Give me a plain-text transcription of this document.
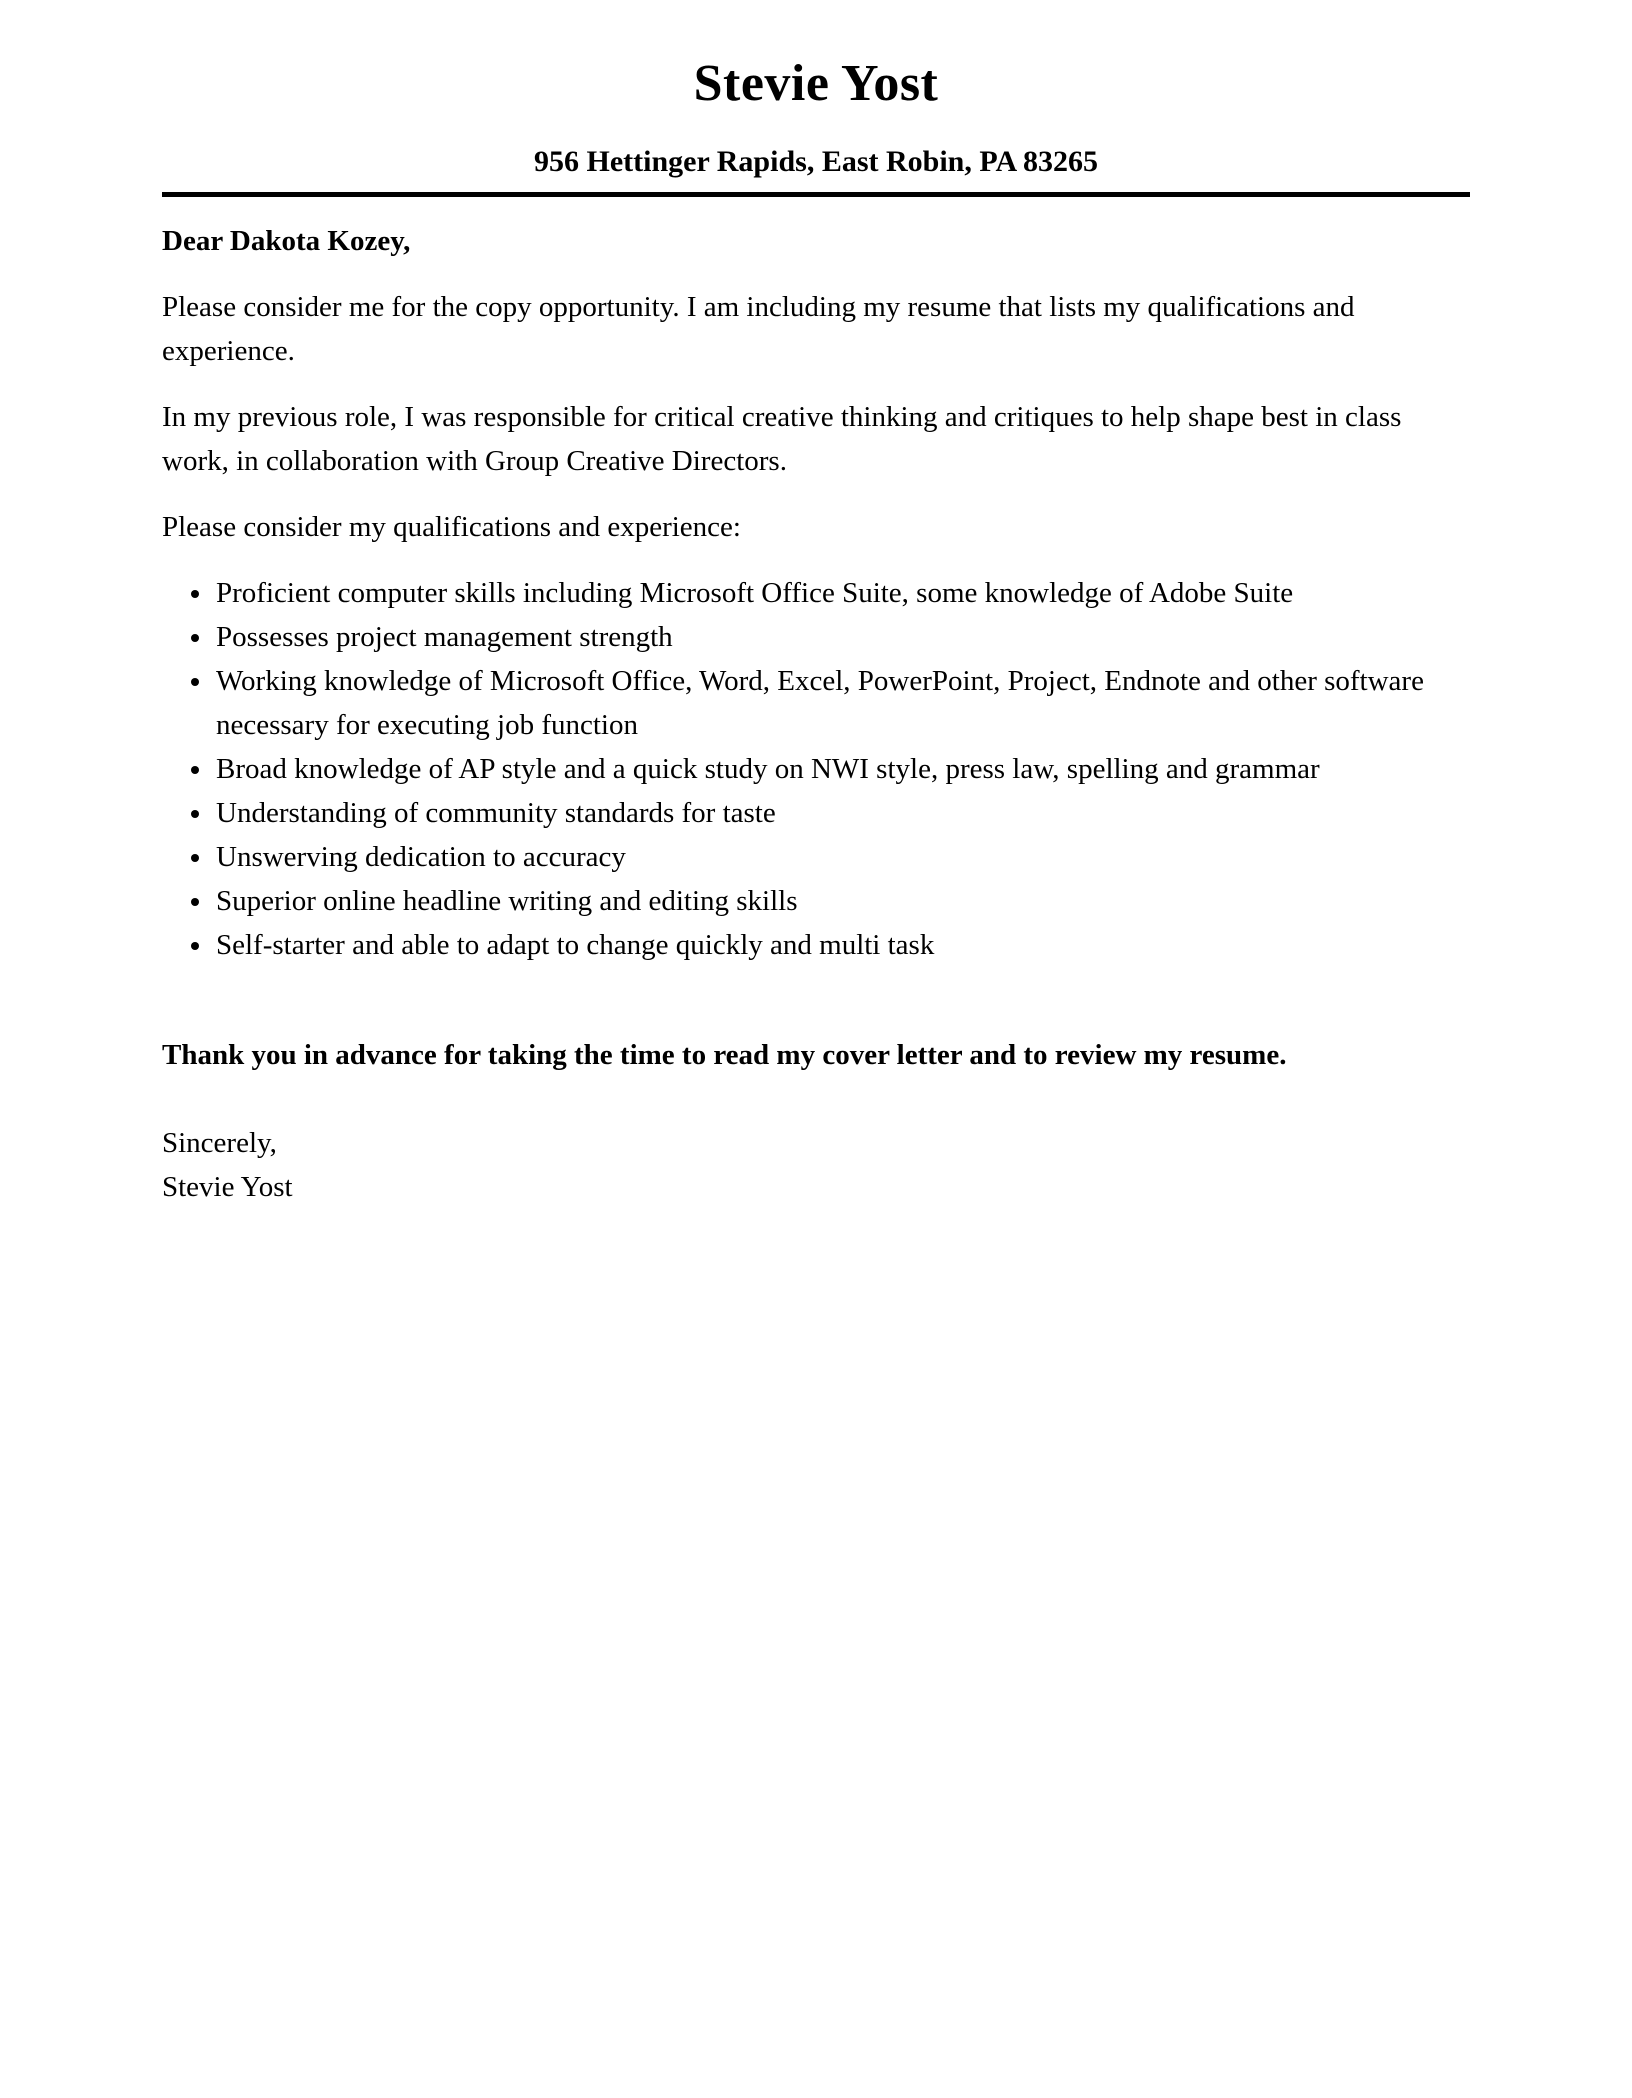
Stevie Yost
956 Hettinger Rapids, East Robin, PA 83265

Dear Dakota Kozey,

Please consider me for the copy opportunity. I am including my resume that lists my qualifications and experience.

In my previous role, I was responsible for critical creative thinking and critiques to help shape best in class work, in collaboration with Group Creative Directors.

Please consider my qualifications and experience:

• Proficient computer skills including Microsoft Office Suite, some knowledge of Adobe Suite
• Possesses project management strength
• Working knowledge of Microsoft Office, Word, Excel, PowerPoint, Project, Endnote and other software necessary for executing job function
• Broad knowledge of AP style and a quick study on NWI style, press law, spelling and grammar
• Understanding of community standards for taste
• Unswerving dedication to accuracy
• Superior online headline writing and editing skills
• Self-starter and able to adapt to change quickly and multi task

Thank you in advance for taking the time to read my cover letter and to review my resume.

Sincerely,

Stevie Yost
